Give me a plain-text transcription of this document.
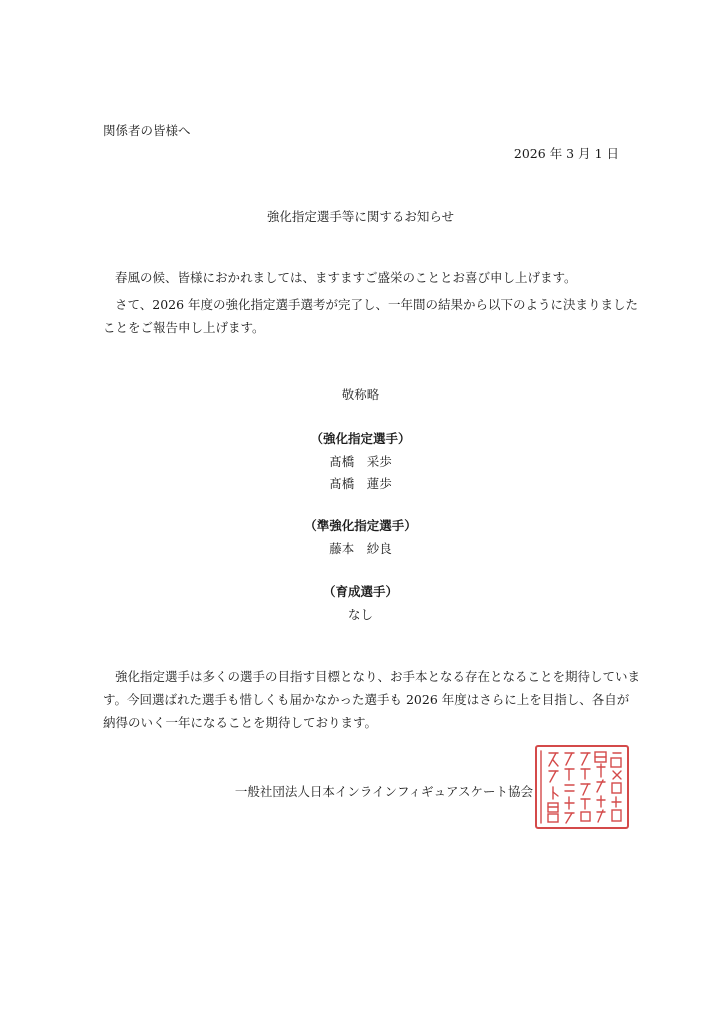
関係者の皆様へ
2026 年 3 月 1 日
強化指定選手等に関するお知らせ
春風の候、皆様におかれましては、ますますご盛栄のこととお喜び申し上げます。
さて、2026 年度の強化指定選手選考が完了し、一年間の結果から以下のように決まりました
ことをご報告申し上げます。
敬称略
（強化指定選手）
髙橋　采歩
髙橋　蓮歩
（準強化指定選手）
藤本　紗良
（育成選手）
なし
強化指定選手は多くの選手の目指す目標となり、お手本となる存在となることを期待していま
す。今回選ばれた選手も惜しくも届かなかった選手も 2026 年度はさらに上を目指し、各自が
納得のいく一年になることを期待しております。
一般社団法人日本インラインフィギュアスケート協会
